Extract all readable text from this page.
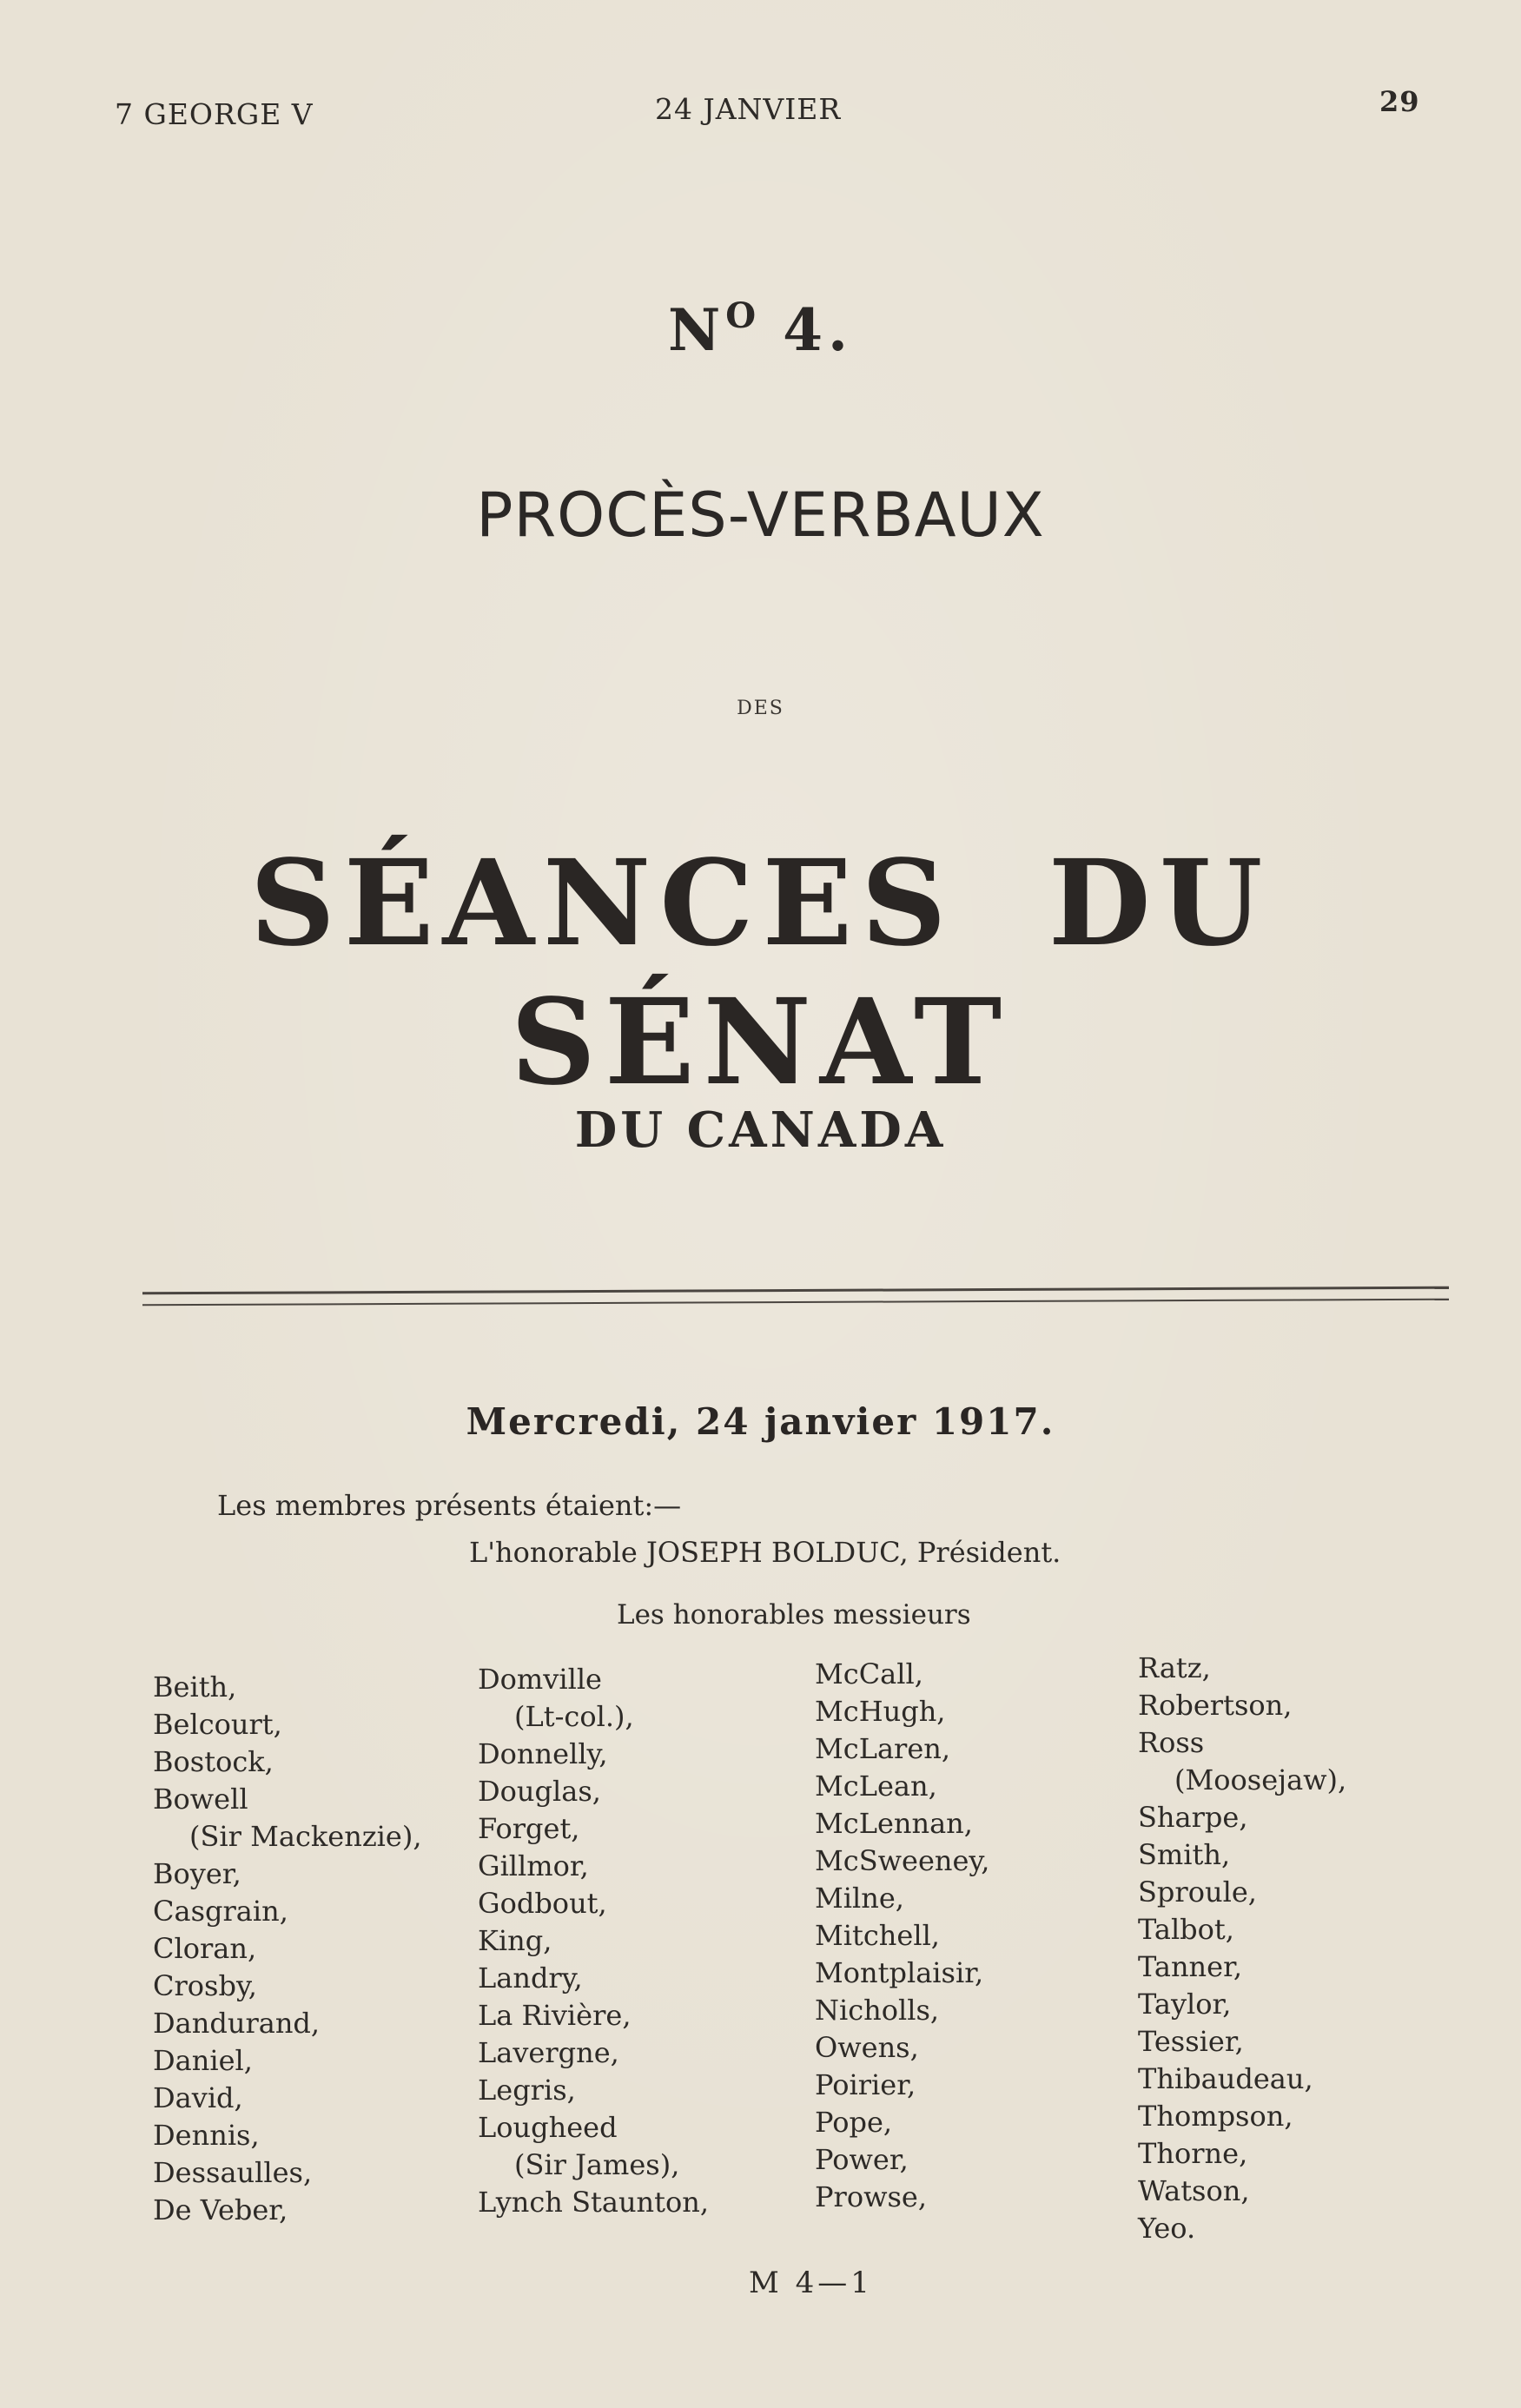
7 GEORGE V	24 JANVIER	29
$N^O$ 4.
PROCÈS-VERBAUX
DES
SÉANCES DU SÉNAT
DU CANADA
Mercredi, 24 janvier 1917.
Les membres présents étaient:—
L'honorable JOSEPH BOLDUC, Président.
Les honorables messieurs
Beith,
Belcourt,
Bostock,
Bowell
(Sir Mackenzie),
Boyer,
Casgrain,
Cloran,
Crosby,
Dandurand,
Daniel,
David,
Dennis,
Dessaulles,
De Veber,
Domville
(Lt-col.),
Donnelly,
Douglas,
Forget,
Gillmor,
Godbout,
King,
Landry,
La Rivière,
Lavergne,
Legris,
Lougheed
(Sir James),
Lynch Staunton,
McCall,
McHugh,
McLaren,
McLean,
McLennan,
McSweeney,
Milne,
Mitchell,
Montplaisir,
Nicholls,
Owens,
Poirier,
Pope,
Power,
Prowse,
Ratz,
Robertson,
Ross
(Moosejaw),
Sharpe,
Smith,
Sproule,
Talbot,
Tanner,
Taylor,
Tessier,
Thibaudeau,
Thompson,
Thorne,
Watson,
Yeo.
M 4—1
